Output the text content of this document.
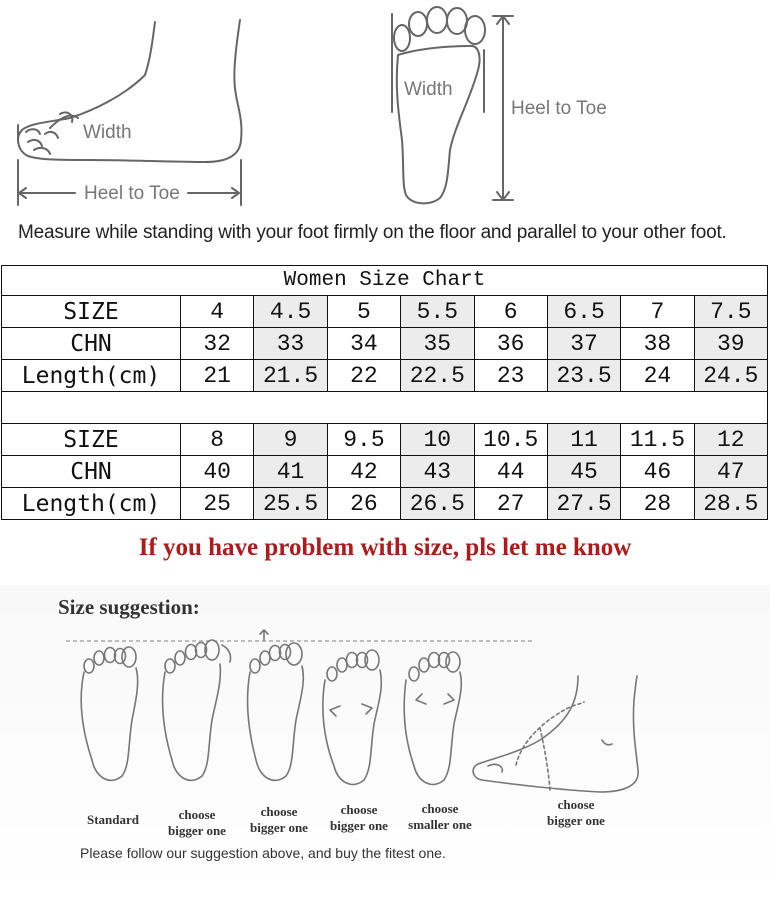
Width
Heel to Toe
Width
Heel to Toe
Measure while standing with your foot firmly on the floor and parallel to your other foot.
Women Size Chart								
SIZE	4	4.5	5	5.5	6	6.5	7	7.5
CHN	32	33	34	35	36	37	38	39
Length(cm)	21	21.5	22	22.5	23	23.5	24	24.5

SIZE	8	9	9.5	10	10.5	11	11.5	12
CHN	40	41	42	43	44	45	46	47
Length(cm)	25	25.5	26	26.5	27	27.5	28	28.5
If you have problem with size, pls let me know
Size suggestion:
Standard	choose
bigger one
choose
bigger one
choose
bigger one
choose
smaller one
choose
bigger one
Please follow our suggestion above, and buy the fitest one.
